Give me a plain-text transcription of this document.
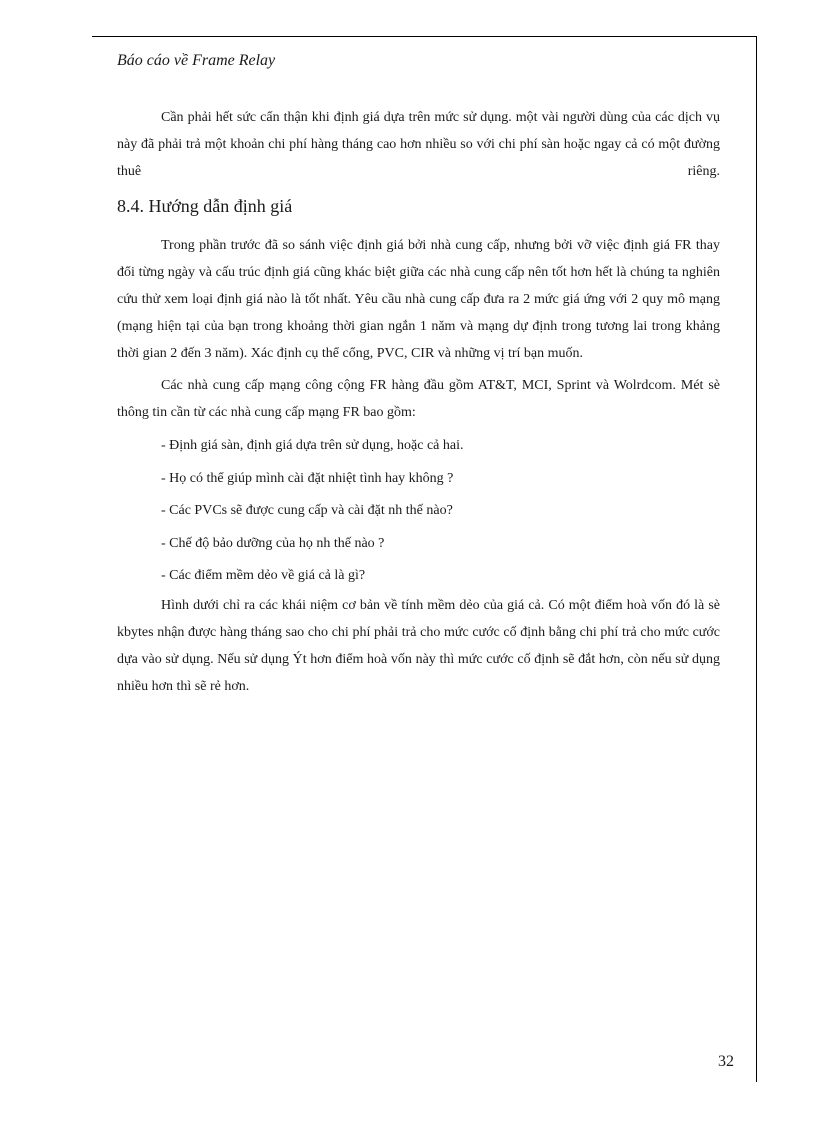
Báo cáo về Frame Relay

Cần phải hết sức cẩn thận khi định giá dựa trên mức sử dụng. một vài người dùng của các dịch vụ này đã phải trả một khoản chi phí hàng tháng cao hơn nhiều so với chi phí sàn hoặc ngay cả có một đường thuê riêng.

8.4. Hướng dẫn định giá

Trong phần trước đã so sánh việc định giá bởi nhà cung cấp, nhưng bởi vỡ việc định giá FR thay đổi từng ngày và cấu trúc định giá cũng khác biệt giữa các nhà cung cấp nên tốt hơn hết là chúng ta nghiên cứu thử xem loại định giá nào là tốt nhất. Yêu cầu nhà cung cấp đưa ra 2 mức giá ứng với 2 quy mô mạng (mạng hiện tại của bạn trong khoảng thời gian ngắn 1 năm và mạng dự định trong tương lai trong khảng thời gian 2 đến 3 năm). Xác định cụ thể cổng, PVC, CIR và những vị trí bạn muốn.

Các nhà cung cấp mạng công cộng FR hàng đầu gồm AT&T, MCI, Sprint và Wolrdcom. Mét sè thông tin cần từ các nhà cung cấp mạng FR bao gồm:

- Định giá sàn, định giá dựa trên sử dụng, hoặc cả hai.
- Họ có thể giúp mình cài đặt nhiệt tình hay không ?
- Các PVCs sẽ được cung cấp và cài đặt nh thế nào?
- Chế độ bảo dưỡng của họ nh thế nào ?
- Các điểm mềm dẻo về giá cả là gì?

Hình dưới chỉ ra các khái niệm cơ bản về tính mềm dẻo của giá cả. Có một điểm hoà vốn đó là sè kbytes nhận được hàng tháng sao cho chi phí phải trả cho mức cước cố định bằng chi phí trả cho mức cước dựa vào sử dụng. Nếu sử dụng Ýt hơn điểm hoà vốn này thì mức cước cố định sẽ đắt hơn, còn nếu sử dụng nhiều hơn thì sẽ rẻ hơn.

32
